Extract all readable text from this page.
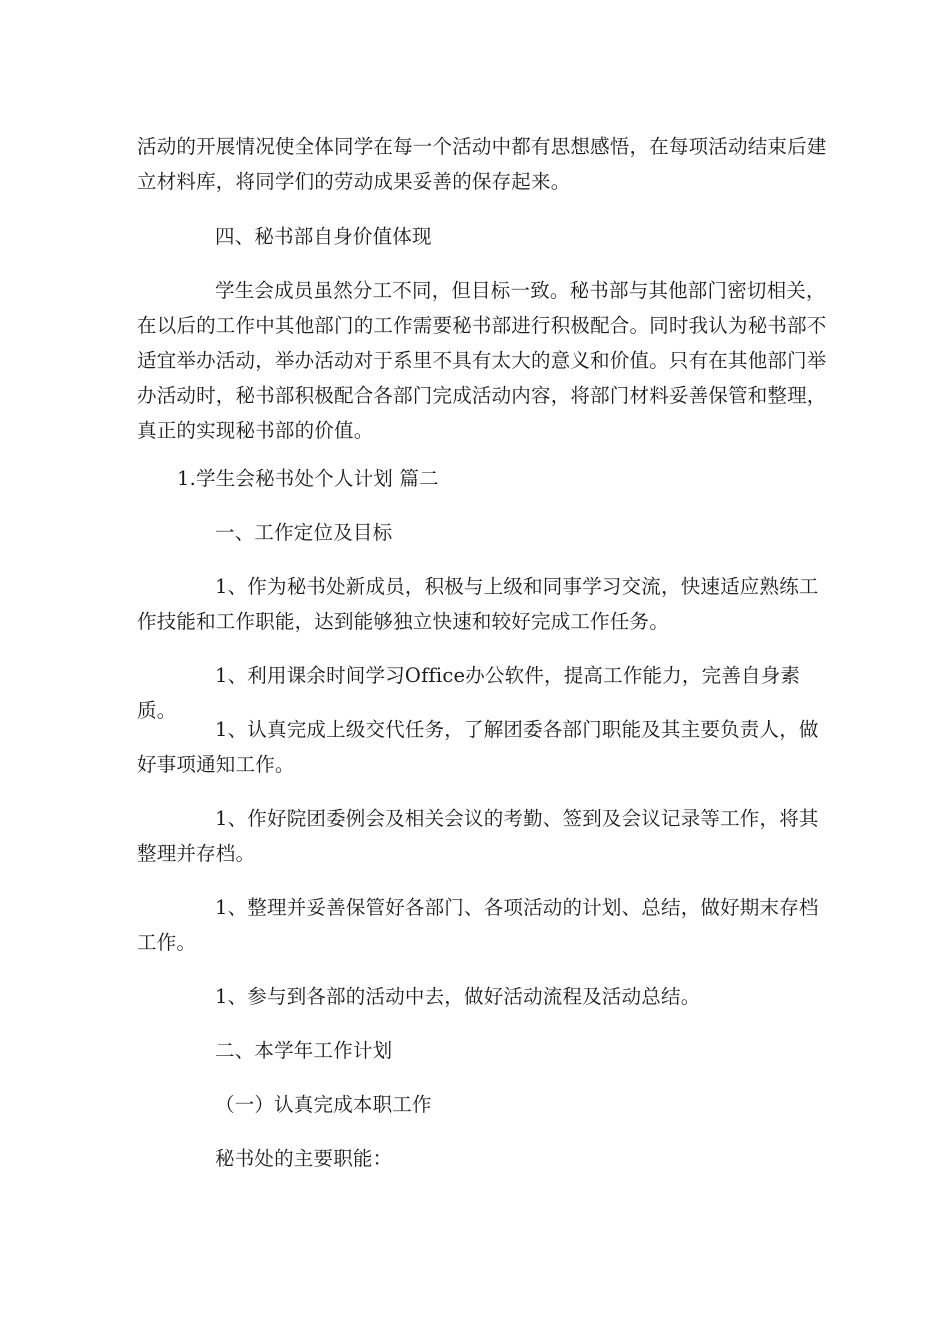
活动的开展情况使全体同学在每一个活动中都有思想感悟，在每项活动结束后建立材料库，将同学们的劳动成果妥善的保存起来。

四、秘书部自身价值体现

学生会成员虽然分工不同，但目标一致。秘书部与其他部门密切相关，在以后的工作中其他部门的工作需要秘书部进行积极配合。同时我认为秘书部不适宜举办活动，举办活动对于系里不具有太大的意义和价值。只有在其他部门举办活动时，秘书部积极配合各部门完成活动内容，将部门材料妥善保管和整理，真正的实现秘书部的价值。

1.学生会秘书处个人计划 篇二

一、工作定位及目标

1、作为秘书处新成员，积极与上级和同事学习交流，快速适应熟练工作技能和工作职能，达到能够独立快速和较好完成工作任务。

1、利用课余时间学习Office办公软件，提高工作能力，完善自身素质。

1、认真完成上级交代任务，了解团委各部门职能及其主要负责人，做好事项通知工作。

1、作好院团委例会及相关会议的考勤、签到及会议记录等工作，将其整理并存档。

1、整理并妥善保管好各部门、各项活动的计划、总结，做好期末存档工作。

1、参与到各部的活动中去，做好活动流程及活动总结。

二、本学年工作计划

（一）认真完成本职工作

秘书处的主要职能：
